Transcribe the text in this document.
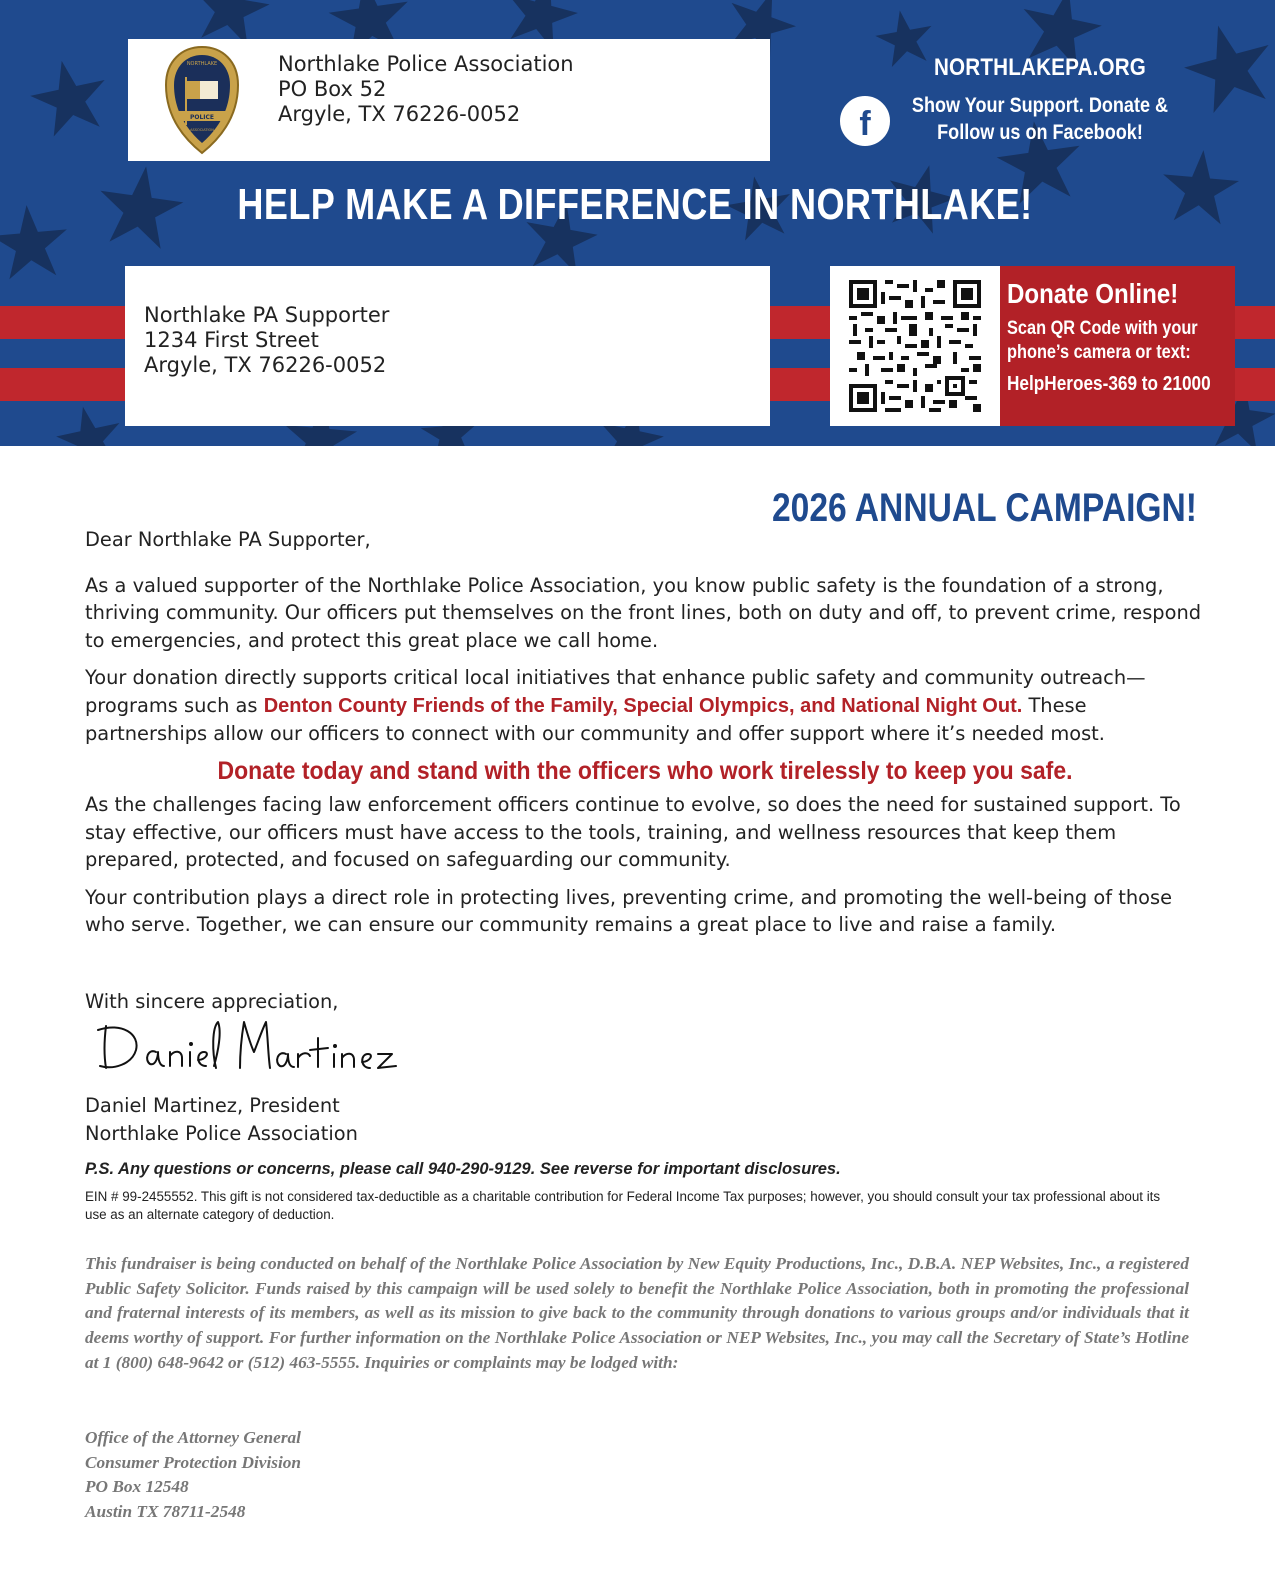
POLICE
NORTHLAKE
ASSOCIATION
Northlake Police Association
PO Box 52
Argyle, TX 76226-0052
NORTHLAKEPA.ORG
f	Show Your Support. Donate &
Follow us on Facebook!
HELP MAKE A DIFFERENCE IN NORTHLAKE!
Northlake PA Supporter
1234 First Street
Argyle, TX 76226-0052
Donate Online!
Scan QR Code with your
phone’s camera or text:
HelpHeroes-369 to 21000
2026 ANNUAL CAMPAIGN!

Dear Northlake PA Supporter,

As a valued supporter of the Northlake Police Association, you know public safety is the foundation of a strong, thriving community. Our officers put themselves on the front lines, both on duty and off, to prevent crime, respond to emergencies, and protect this great place we call home.

Your donation directly supports critical local initiatives that enhance public safety and community outreach—programs such as Denton County Friends of the Family, Special Olympics, and National Night Out. These partnerships allow our officers to connect with our community and offer support where it’s needed most.

Donate today and stand with the officers who work tirelessly to keep you safe.

As the challenges facing law enforcement officers continue to evolve, so does the need for sustained support. To stay effective, our officers must have access to the tools, training, and wellness resources that keep them prepared, protected, and focused on safeguarding our community.

Your contribution plays a direct role in protecting lives, preventing crime, and promoting the well-being of those who serve. Together, we can ensure our community remains a great place to live and raise a family.

With sincere appreciation,
Daniel Martinez, President
Northlake Police Association
P.S. Any questions or concerns, please call 940-290-9129. See reverse for important disclosures.
EIN # 99-2455552. This gift is not considered tax-deductible as a charitable contribution for Federal Income Tax purposes; however, you should consult your tax professional about its use as an alternate category of deduction.
This fundraiser is being conducted on behalf of the Northlake Police Association by New Equity Productions, Inc., D.B.A. NEP Websites, Inc., a registered Public Safety Solicitor. Funds raised by this campaign will be used solely to benefit the Northlake Police Association, both in promoting the professional and fraternal interests of its members, as well as its mission to give back to the community through donations to various groups and/or individuals that it deems worthy of support. For further information on the Northlake Police Association or NEP Websites, Inc., you may call the Secretary of State’s Hotline at 1 (800) 648-9642 or (512) 463-5555. Inquiries or complaints may be lodged with:
Office of the Attorney General
Consumer Protection Division
PO Box 12548
Austin TX 78711-2548
